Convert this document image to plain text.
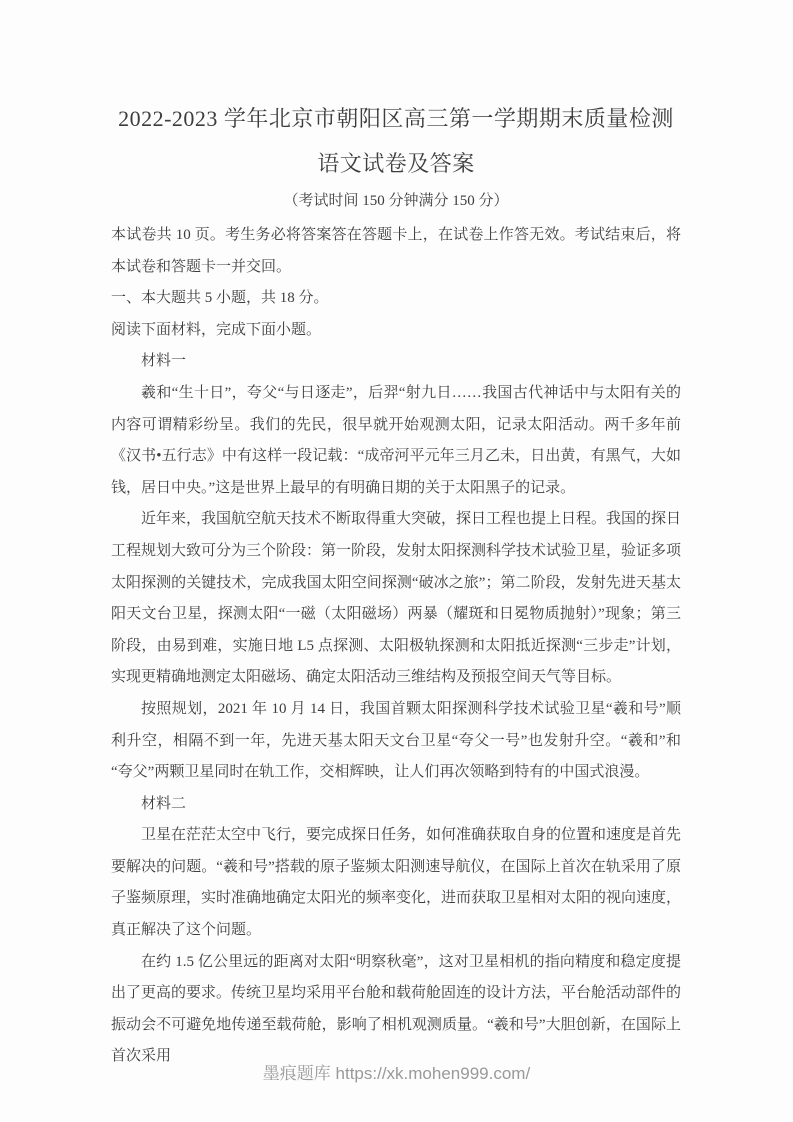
2022-2023 学年北京市朝阳区高三第一学期期末质量检测语文试卷及答案

（考试时间 150 分钟满分 150 分）

本试卷共 10 页。考生务必将答案答在答题卡上，在试卷上作答无效。考试结束后，将本试卷和答题卡一并交回。

一、本大题共 5 小题，共 18 分。

阅读下面材料，完成下面小题。

材料一

羲和“生十日”，夸父“与日逐走”，后羿“射九日……我国古代神话中与太阳有关的内容可谓精彩纷呈。我们的先民，很早就开始观测太阳，记录太阳活动。两千多年前《汉书•五行志》中有这样一段记载：“成帝河平元年三月乙未，日出黄，有黑气，大如钱，居日中央。”这是世界上最早的有明确日期的关于太阳黑子的记录。

近年来，我国航空航天技术不断取得重大突破，探日工程也提上日程。我国的探日工程规划大致可分为三个阶段：第一阶段，发射太阳探测科学技术试验卫星，验证多项太阳探测的关键技术，完成我国太阳空间探测“破冰之旅”；第二阶段，发射先进天基太阳天文台卫星，探测太阳“一磁（太阳磁场）两暴（耀斑和日冕物质抛射）”现象；第三阶段，由易到难，实施日地 L5 点探测、太阳极轨探测和太阳抵近探测“三步走”计划，实现更精确地测定太阳磁场、确定太阳活动三维结构及预报空间天气等目标。

按照规划，2021 年 10 月 14 日，我国首颗太阳探测科学技术试验卫星“羲和号”顺利升空，相隔不到一年，先进天基太阳天文台卫星“夸父一号”也发射升空。“羲和”和“夸父”两颗卫星同时在轨工作，交相辉映，让人们再次领略到特有的中国式浪漫。

材料二

卫星在茫茫太空中飞行，要完成探日任务，如何准确获取自身的位置和速度是首先要解决的问题。“羲和号”搭载的原子鉴频太阳测速导航仪，在国际上首次在轨采用了原子鉴频原理，实时准确地确定太阳光的频率变化，进而获取卫星相对太阳的视向速度，真正解决了这个问题。

在约 1.5 亿公里远的距离对太阳“明察秋毫”，这对卫星相机的指向精度和稳定度提出了更高的要求。传统卫星均采用平台舱和载荷舱固连的设计方法，平台舱活动部件的振动会不可避免地传递至载荷舱，影响了相机观测质量。“羲和号”大胆创新，在国际上首次采用

墨痕题库 https://xk.mohen999.com/
